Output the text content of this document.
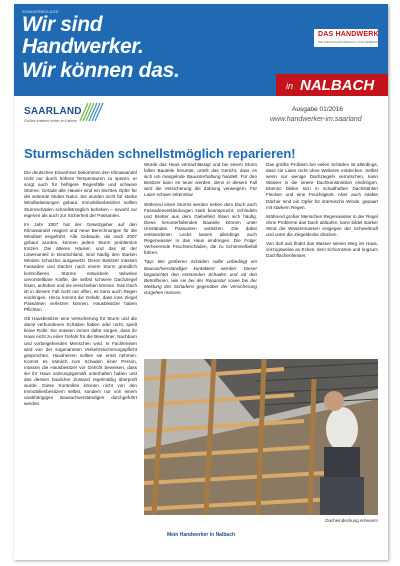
SONDERBEILAGE
Wir sind
Handwerker.
Wir können das.
DAS HANDWERK
DIE WIRTSCHAFTSMACHT. VON NEBENAN.
in NALBACH
SAARLAND
Großes entsteht immer im Kleinen.
Ausgabe 01/2016
www.handwerker-im.saarland
Sturmschäden schnellstmöglich reparieren!

Die deutschen Einwohner bekommen den Klimawandel nicht nur durch höhere Temperaturen zu spüren, er sorgt auch für heftigere Regenfälle und schwere Stürme. Gerade alte Häuser sind ein leichtes Opfer für die wütende Mutter Natur. Sie wurden nicht für starke Windbelastungen gebaut. Immobilienbesitzer sollten Sturmschäden schnellstmöglich beheben – sowohl zur eigenen als auch zur Sicherheit der Passanten.

Im Jahr 2007 hat der Gesetzgeber auf den Klimawandel reagiert und neue Berechnungen für die Windlast eingeführt. Alle Gebäude, die nach 2007 gebaut wurden, können jedem Sturm problemlos trotzen. Die älteren Häuser, und das ist der Löwenanteil in Deutschland, sind häufig den starken Winden schutzlos ausgesetzt. Deren Besitzer müssen Fassaden und Dächer nach einem Sturm gründlich kontrollieren. Stürme entwickeln teilweise unvorstellbare Kräfte, die selbst schwere Dachziegel lösen, anheben und sie verschieben können. Das Dach ist in diesem Fall nicht nur offen, es kann auch Regen eindringen. Hinzu kommt die Gefahr, dass lose Ziegel Passanten verletzen können. Hausbesitzer haben Pflichten

Ob Hausbesitzer eine Versicherung für Sturm und die damit verbundenen Schäden haben oder nicht, spielt keine Rolle. Sie müssen immer dafür sorgen, dass ihr Haus nicht zu einer Gefahr für die Bewohner, Nachbarn und vorbeigehenden Menschen wird. In Fachkreisen wird von der sogenannten Verkehrssicherungspflicht gesprochen. Hausherren sollten sie ernst nehmen. Kommt es nämlich zum Schaden einer Person, müssen die Hausbesitzer vor Gericht beweisen, dass sie ihr Haus ordnungsgemäß unterhalten haben und das dessen baulicher Zustand regelmäßig überprüft wurde. Diese Kontrollen können nicht von den Immobilienbesitzern selbst, sondern nur von einem unabhängigen Bausachverständigen durchgeführt werden.

Wurde das Haus vernachlässigt und bei einem Sturm fallen Bauteile herunter, urteilt das Gericht, dass es sich um mangelnde Bauunterhaltung handelt. Für den Besitzer kann es teuer werden, denn in diesem Fall wird die Versicherung die Zahlung verweigern. Für Laien schwer erkennbar

Während eines Sturms werden neben dem Dach auch Fassadenverkleidungen stark beansprucht. Schindeln und Bretter aus dem Giebelfeld lösen sich häufig. Diese herunterfallenden Bauteile können unter Umständen Passanten verletzen. Die dabei entstandenen Lecks lassen allerdings auch Regenwasser in das Haus eindringen. Die Folge: Verheerende Feuchteschäden, die zu Schimmelbefall führen.

Tipp: Bei größeren Schäden sollte unbedingt ein Bausachverständiger kontaktiert werden. Dieser begutachtet den entstanden Schaden und rät den Betroffenen, wie sie bei der Reparatur sowie bei der Meldung des Schadens gegenüber der Versicherung vorgehen müssen.

Das größte Problem bei vielen Schäden ist allerdings, dass sie Laien nicht ohne Weiteres entdecken. Selbst wenn nur wenige Dachziegeln verrutschen, kann Wasser in die innere Dachkonstruktion eindringen. Ebenso bilden sich in schadhaften Dachstühlen Flecken und eine Feuchtigkeit. Aber auch intakte Dächer sind ein Opfer für stürmische Winde, gepaart mit starkem Regen.

Während großer Menschen Regenwasser in der Regel ohne Probleme das Dach ablaufen, kann bildet starker Wind die Wassermassen entgegen der Schwerkraft und unter die Ziegeldecke drücken.

Von dort aus findet das Wasser seinen Weg ins Haus, vorzugsweise an Ecken, dem Schornstein und ringsum Dachflächenfenster.

Dacheindeckung erneuern
Mein Handwerker in Nalbach
